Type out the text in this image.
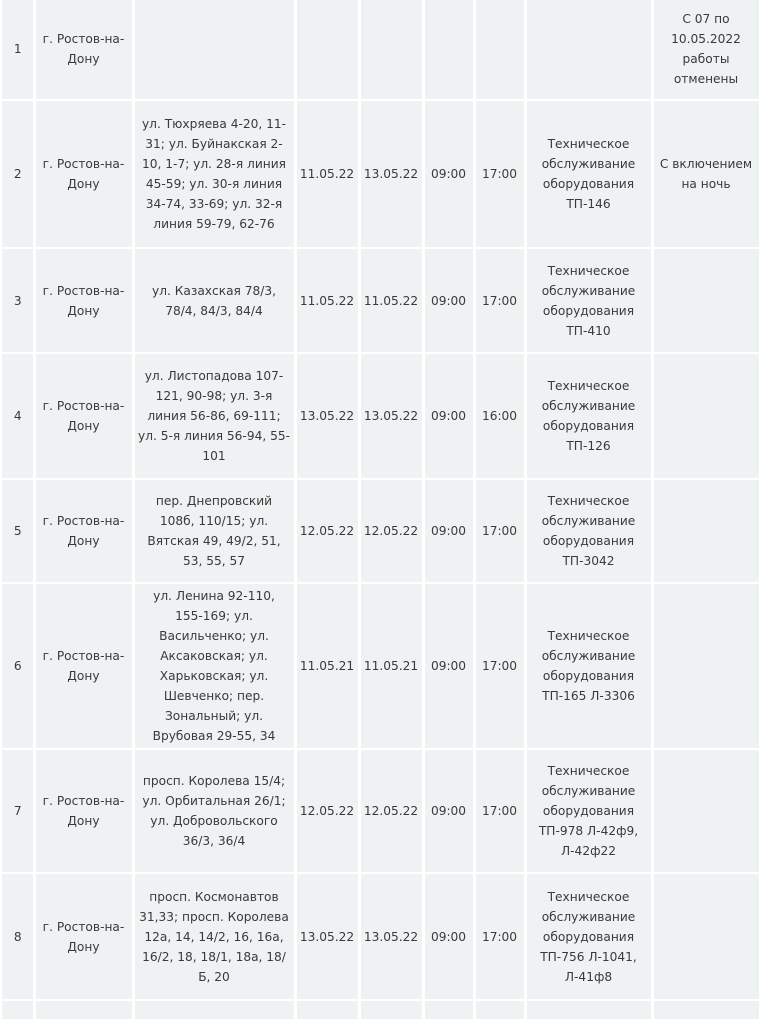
1	г. Ростов-на-Дону							С 07 по 10.05.2022 работы отменены
2	г. Ростов-на-Дону	ул. Тюхряева 4-20, 11-31; ул. Буйнакская 2-10, 1-7; ул. 28-я линия 45-59; ул. 30-я линия 34-74, 33-69; ул. 32-я линия 59-79, 62-76	11.05.22	13.05.22	09:00	17:00	Техническое обслуживание оборудования ТП-146	С включением на ночь
3	г. Ростов-на-Дону	ул. Казахская 78/3, 78/4, 84/3, 84/4	11.05.22	11.05.22	09:00	17:00	Техническое обслуживание оборудования ТП-410	
4	г. Ростов-на-Дону	ул. Листопадова 107-121, 90-98; ул. 3-я линия 56-86, 69-111; ул. 5-я линия 56-94, 55-101	13.05.22	13.05.22	09:00	16:00	Техническое обслуживание оборудования ТП-126	
5	г. Ростов-на-Дону	пер. Днепровский 108б, 110/15; ул. Вятская 49, 49/2, 51, 53, 55, 57	12.05.22	12.05.22	09:00	17:00	Техническое обслуживание оборудования ТП-3042	
6	г. Ростов-на-Дону	ул. Ленина 92-110, 155-169; ул. Васильченко; ул. Аксаковская; ул. Харьковская; ул. Шевченко; пер. Зональный; ул. Врубовая 29-55, 34	11.05.21	11.05.21	09:00	17:00	Техническое обслуживание оборудования ТП-165 Л-3306	
7	г. Ростов-на-Дону	просп. Королева 15/4; ул. Орбитальная 26/1; ул. Добровольского 36/3, 36/4	12.05.22	12.05.22	09:00	17:00	Техническое обслуживание оборудования ТП-978 Л-42ф9, Л-42ф22	
8	г. Ростов-на-Дону	просп. Космонавтов 31,33; просп. Королева 12а, 14, 14/2, 16, 16а, 16/2, 18, 18/1, 18а, 18/Б, 20	13.05.22	13.05.22	09:00	17:00	Техническое обслуживание оборудования ТП-756 Л-1041, Л-41ф8	
